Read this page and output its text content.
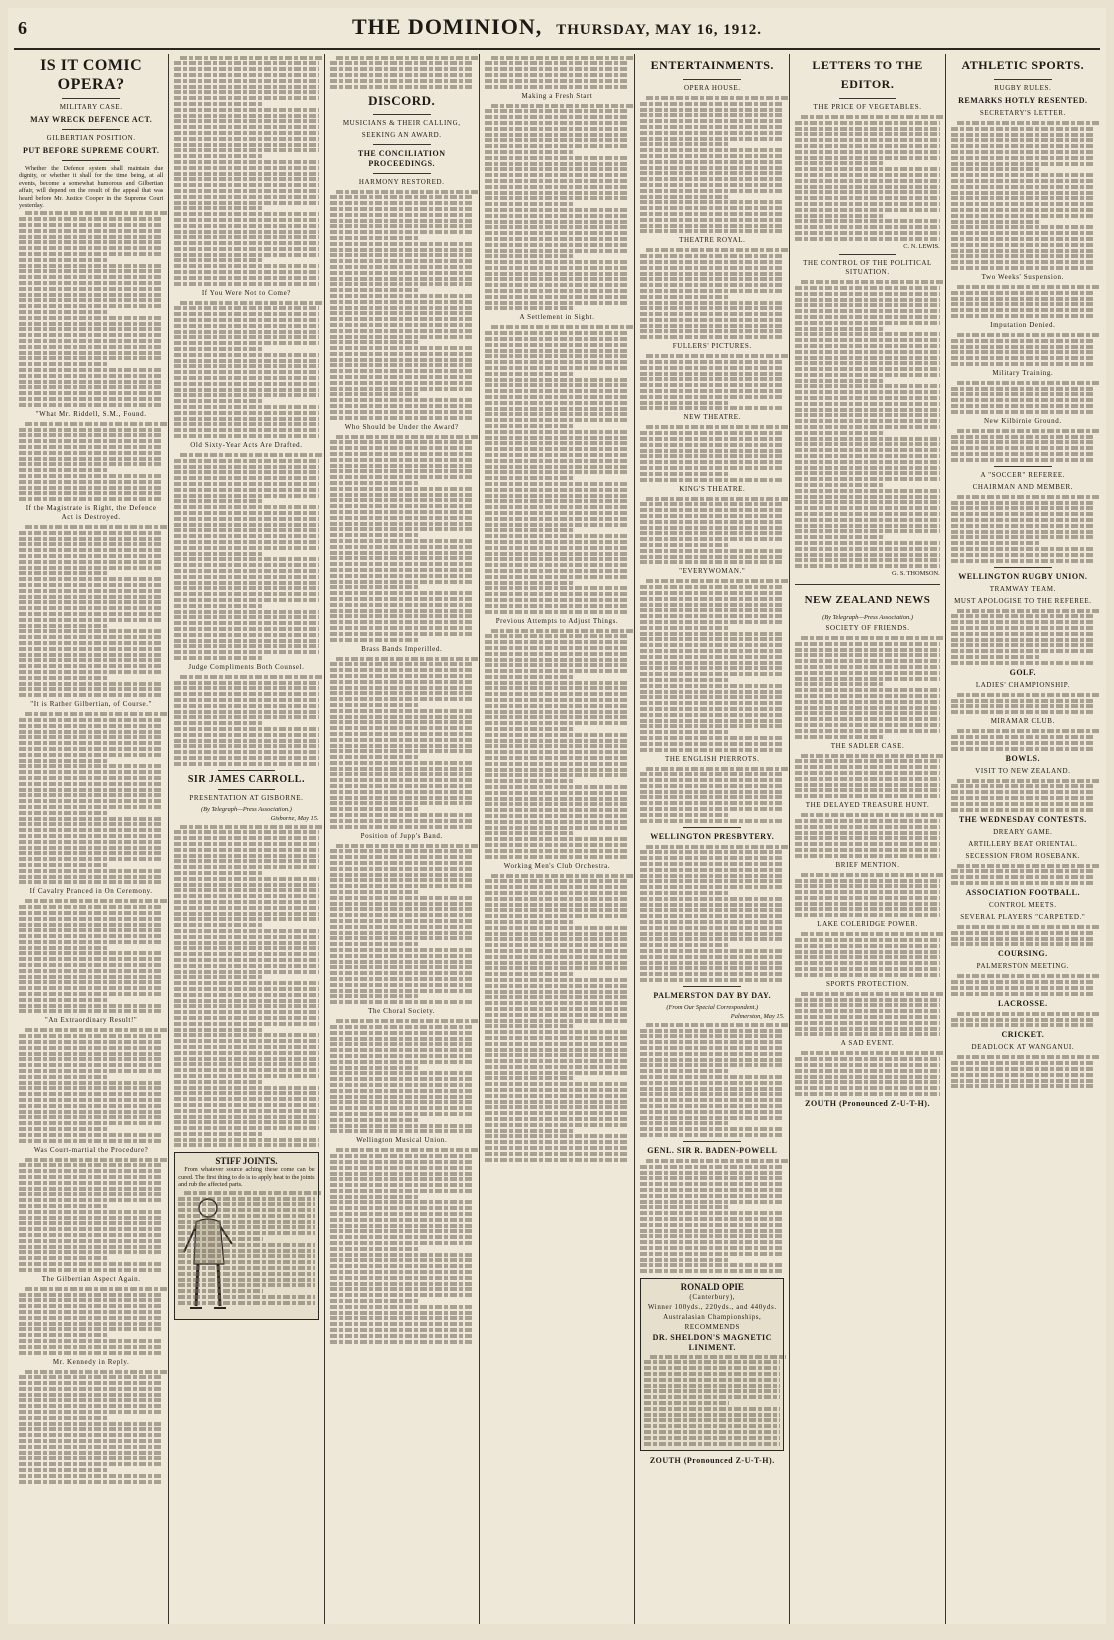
6	THE DOMINION, THURSDAY, MAY 16, 1912.
IS IT COMIC OPERA?
MILITARY CASE.
MAY WRECK DEFENCE ACT.
GILBERTIAN POSITION.
PUT BEFORE SUPREME COURT.

Whether the Defence system shall maintain due dignity, or whether it shall for the time being, at all events, become a somewhat humorous and Gilbertian affair, will depend on the result of the appeal that was heard before Mr. Justice Cooper in the Supreme Court yesterday.

"What Mr. Riddell, S.M., Found.
If the Magistrate is Right, the Defence Act is Destroyed.
"It is Rather Gilbertian, of Course."
If Cavalry Pranced in On Ceremony.
"An Extraordinary Result!"
Was Court-martial the Procedure?
The Gilbertian Aspect Again.
Mr. Kennedy in Reply.
If You Were Not to Come?
Old Sixty-Year Acts Are Drafted.
Judge Compliments Both Counsel.
SIR JAMES CARROLL.
PRESENTATION AT GISBORNE.
(By Telegraph—Press Association.)
Gisborne, May 15.
STIFF JOINTS.

From whatever source aching these come can be cured. The first thing to do is to apply heat to the joints and rub the affected parts.

DISCORD.
MUSICIANS & THEIR CALLING,
SEEKING AN AWARD.
THE CONCILIATION PROCEEDINGS.
HARMONY RESTORED.
Who Should be Under the Award?
Brass Bands Imperilled.
Position of Jupp's Band.
The Choral Society.
Wellington Musical Union.
Making a Fresh Start
A Settlement in Sight.
Previous Attempts to Adjust Things.
Working Men's Club Orchestra.
ENTERTAINMENTS.
OPERA HOUSE.
THEATRE ROYAL.
FULLERS' PICTURES.
NEW THEATRE.
KING'S THEATRE.
"EVERYWOMAN."
THE ENGLISH PIERROTS.
WELLINGTON PRESBYTERY.
PALMERSTON DAY BY DAY.
(From Our Special Correspondent.)
Palmerston, May 15.
GENL. SIR R. BADEN-POWELL
RONALD OPIE
(Canterbury),
Winner 100yds., 220yds., and 440yds.
Australasian Championships,
RECOMMENDS
DR. SHELDON'S MAGNETIC LINIMENT.
ZOUTH (Pronounced Z-U-T-H).
LETTERS TO THE EDITOR.
THE PRICE OF VEGETABLES.
C. N. LEWIS.
THE CONTROL OF THE POLITICAL SITUATION.
G. S. THOMSON.
NEW ZEALAND NEWS
(By Telegraph—Press Association.)
SOCIETY OF FRIENDS.
THE SADLER CASE.
THE DELAYED TREASURE HUNT.
BRIEF MENTION.
LAKE COLERIDGE POWER.
SPORTS PROTECTION.
A SAD EVENT.
ZOUTH (Pronounced Z-U-T-H).
ATHLETIC SPORTS.
RUGBY RULES.
REMARKS HOTLY RESENTED.
SECRETARY'S LETTER.
Two Weeks' Suspension.
Imputation Denied.
Military Training.
New Kilbirnie Ground.
A "SOCCER" REFEREE.
CHAIRMAN AND MEMBER.
WELLINGTON RUGBY UNION.
TRAMWAY TEAM.
MUST APOLOGISE TO THE REFEREE.
GOLF.
LADIES' CHAMPIONSHIP.
MIRAMAR CLUB.
BOWLS.
VISIT TO NEW ZEALAND.
THE WEDNESDAY CONTESTS.
DREARY GAME.
ARTILLERY BEAT ORIENTAL.
SECESSION FROM ROSEBANK.
ASSOCIATION FOOTBALL.
CONTROL MEETS.
SEVERAL PLAYERS "CARPETED."
COURSING.
PALMERSTON MEETING.
LACROSSE.
CRICKET.
DEADLOCK AT WANGANUI.
